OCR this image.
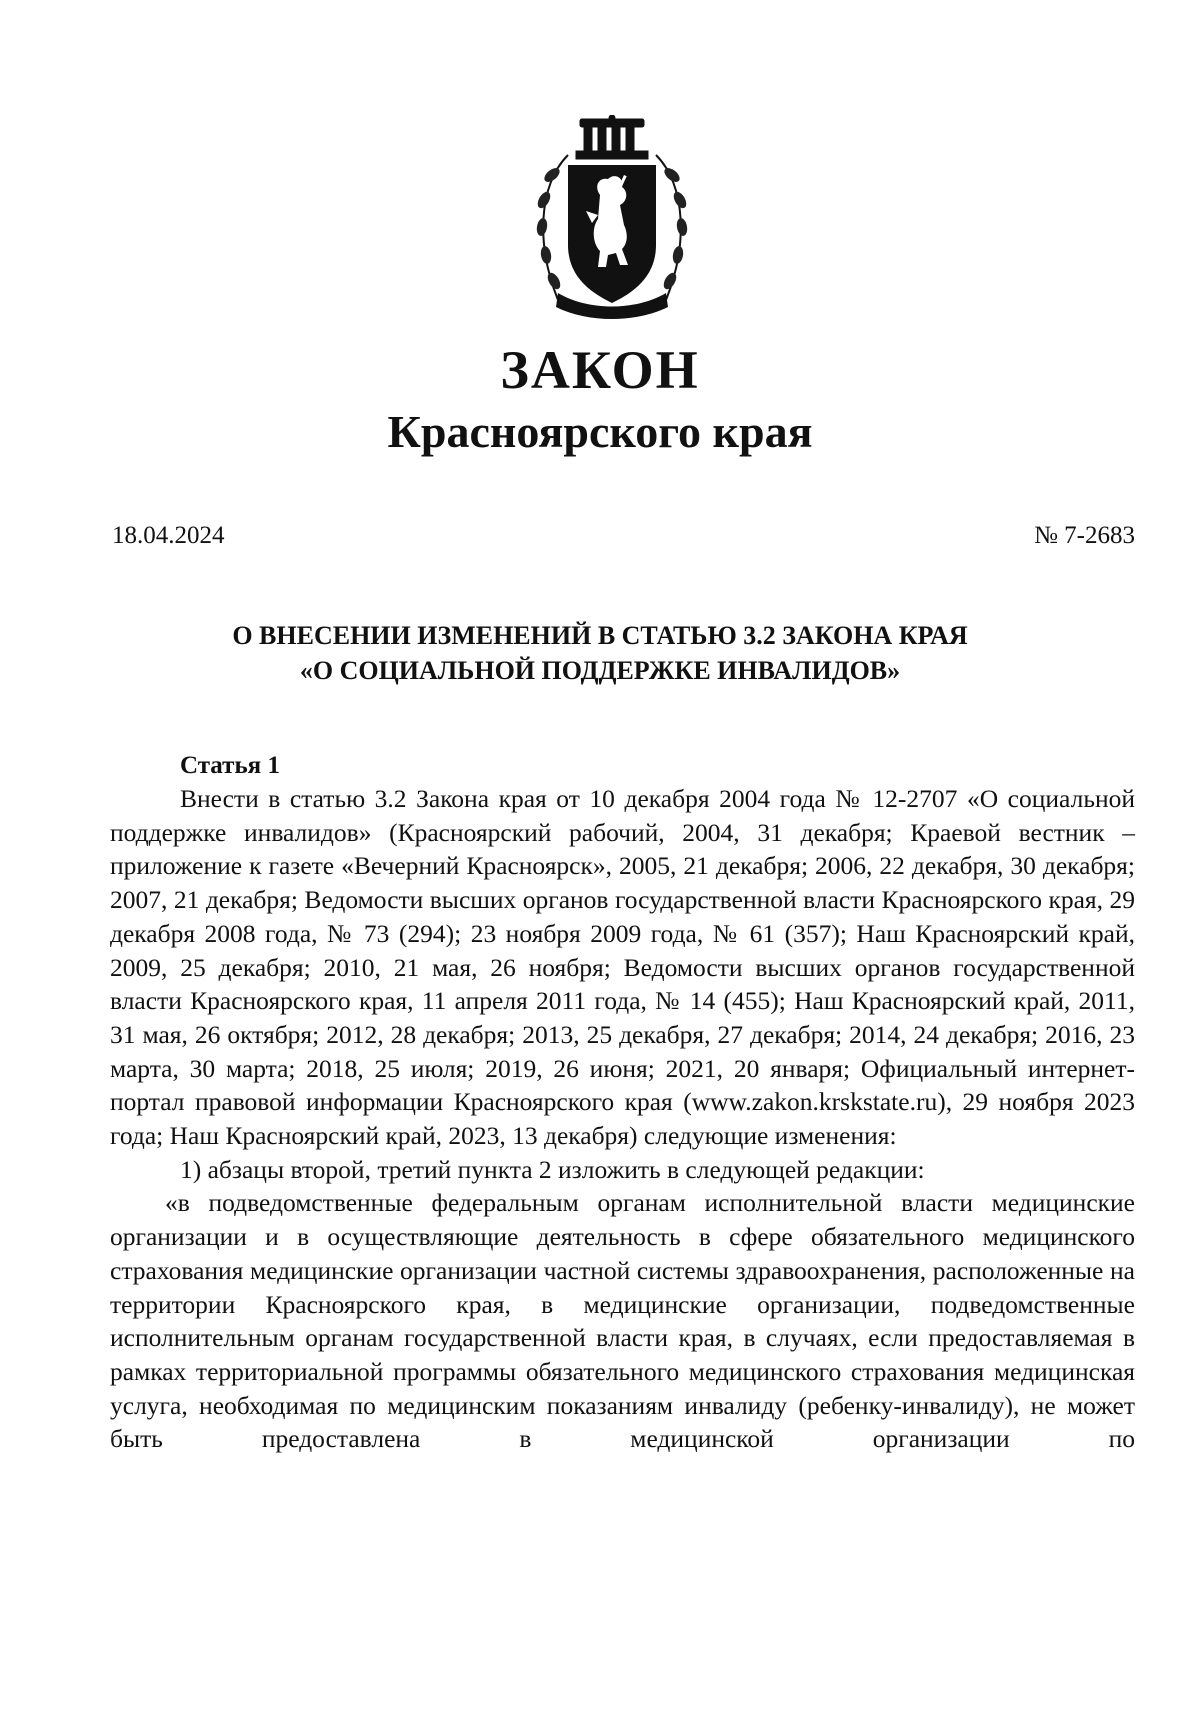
ЗАКОН
Красноярского края
18.04.2024	№ 7-2683
О ВНЕСЕНИИ ИЗМЕНЕНИЙ В СТАТЬЮ 3.2 ЗАКОНА КРАЯ
«О СОЦИАЛЬНОЙ ПОДДЕРЖКЕ ИНВАЛИДОВ»
Статья 1

Внести в статью 3.2 Закона края от 10 декабря 2004 года № 12-2707 «О социальной поддержке инвалидов» (Красноярский рабочий, 2004, 31 декабря; Краевой вестник – приложение к газете «Вечерний Красноярск», 2005, 21 декабря; 2006, 22 декабря, 30 декабря; 2007, 21 декабря; Ведомости высших органов государственной власти Красноярского края, 29 декабря 2008 года, № 73 (294); 23 ноября 2009 года, № 61 (357); Наш Красноярский край, 2009, 25 декабря; 2010, 21 мая, 26 ноября; Ведомости высших органов государственной власти Красноярского края, 11 апреля 2011 года, № 14 (455); Наш Красноярский край, 2011, 31 мая, 26 октября; 2012, 28 декабря; 2013, 25 декабря, 27 декабря; 2014, 24 декабря; 2016, 23 марта, 30 марта; 2018, 25 июля; 2019, 26 июня; 2021, 20 января; Официальный интернет-портал правовой информации Красноярского края (www.zakon.krskstate.ru), 29 ноября 2023 года; Наш Красноярский край, 2023, 13 декабря) следующие изменения:

1) абзацы второй, третий пункта 2 изложить в следующей редакции:

«в подведомственные федеральным органам исполнительной власти медицинские организации и в осуществляющие деятельность в сфере обязательного медицинского страхования медицинские организации частной системы здравоохранения, расположенные на территории Красноярского края, в медицинские организации, подведомственные исполнительным органам государственной власти края, в случаях, если предоставляемая в рамках территориальной программы обязательного медицинского страхования медицинская услуга, необходимая по медицинским показаниям инвалиду (ребенку-инвалиду), не может быть предоставлена в медицинской организации по
